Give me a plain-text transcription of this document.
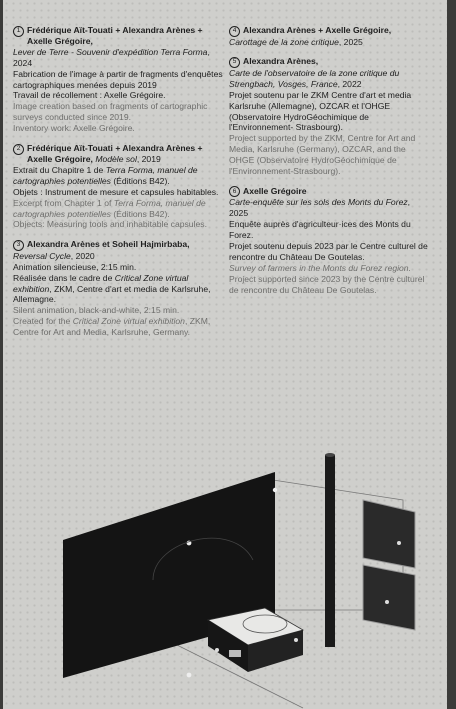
1 Frédérique Aït-Touati + Alexandra Arènes + Axelle Grégoire,
Lever de Terre - Souvenir d'expédition Terra Forma, 2024
Fabrication de l'image à partir de fragments d'enquêtes cartographiques menées depuis 2019
Travail de récollement : Axelle Grégoire.
Image creation based on fragments of cartographic surveys conducted since 2019.
Inventory work: Axelle Grégoire.
2 Frédérique Aït-Touati + Alexandra Arènes + Axelle Grégoire, Modèle sol, 2019
Extrait du Chapitre 1 de Terra Forma, manuel de cartographies potentielles (Éditions B42).
Objets : Instrument de mesure et capsules habitables.
Excerpt from Chapter 1 of Terra Forma, manuel de cartographies potentielles (Éditions B42).
Objects: Measuring tools and inhabitable capsules.
3 Alexandra Arènes et Soheil Hajmirbaba,
Reversal Cycle, 2020
Animation silencieuse, 2:15 min.
Réalisée dans le cadre de Critical Zone virtual exhibition, ZKM, Centre d'art et media de Karlsruhe, Allemagne.
Silent animation, black-and-white, 2:15 min.
Created for the Critical Zone virtual exhibition, ZKM, Centre for Art and Media, Karlsruhe, Germany.
4 Alexandra Arènes + Axelle Grégoire,
Carottage de la zone critique, 2025
5 Alexandra Arènes,
Carte de l'observatoire de la zone critique du Strengbach, Vosges, France, 2022
Projet soutenu par le ZKM Centre d'art et media Karlsruhe (Allemagne), OZCAR et l'OHGE (Observatoire HydroGéochimique de l'Environnement- Strasbourg).
Project supported by the ZKM, Centre for Art and Media, Karlsruhe (Germany), OZCAR, and the OHGE (Observatoire HydroGéochimique de l'Environnement-Strasbourg).
6 Axelle Grégoire
Carte-enquête sur les sols des Monts du Forez, 2025
Enquête auprès d'agriculteur·ices des Monts du Forez.
Projet soutenu depuis 2023 par le Centre culturel de rencontre du Château De Goutelas.
Survey of farmers in the Monts du Forez region.
Project supported since 2023 by the Centre culturel de rencontre du Château De Goutelas.
